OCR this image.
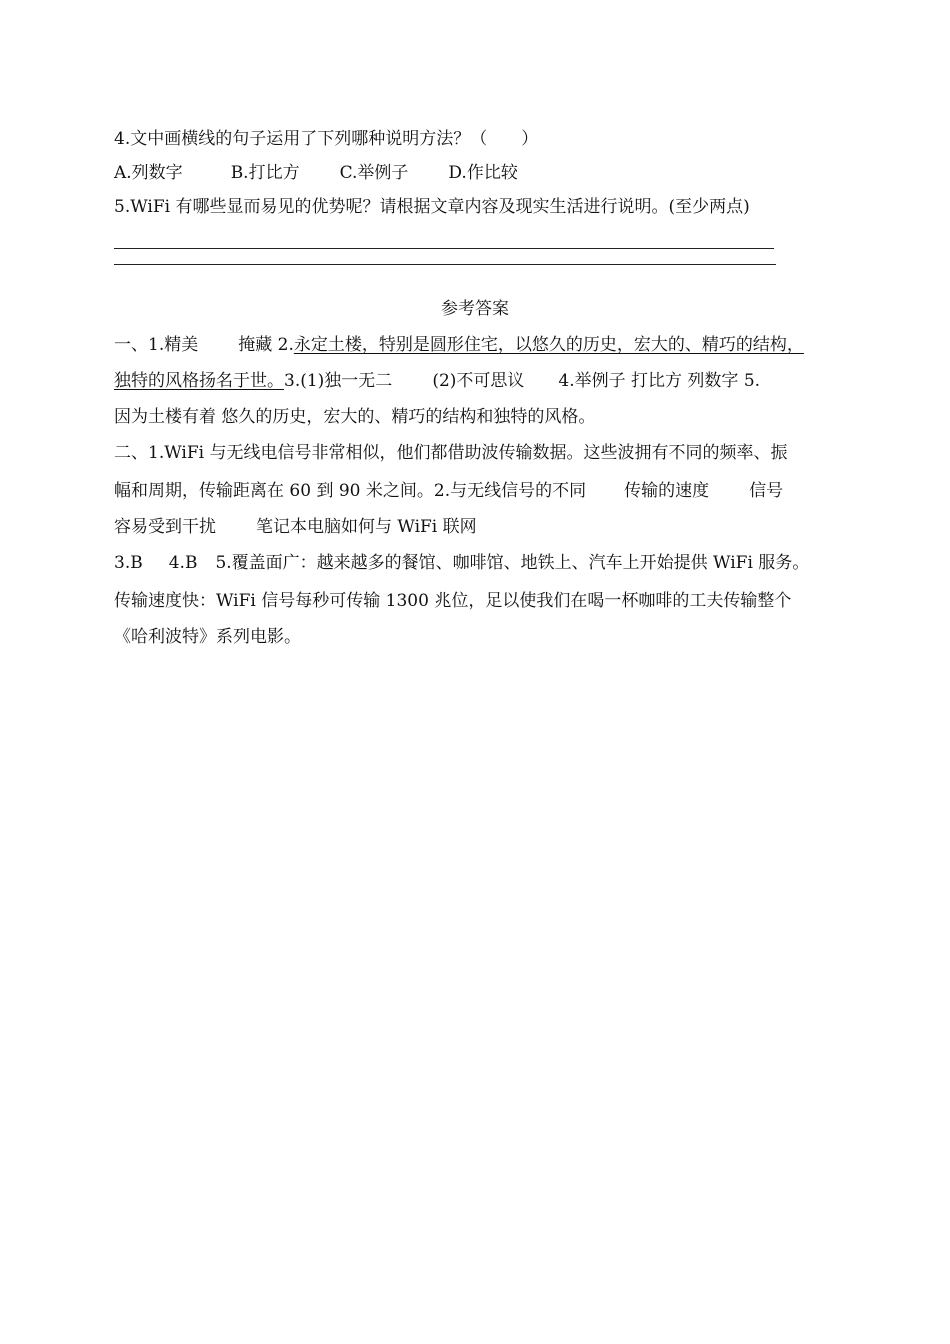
4.文中画横线的句子运用了下列哪种说明方法？（　　）
A.列数字	B.打比方 C.举例子 D.作比较
5.WiFi 有哪些显而易见的优势呢？请根据文章内容及现实生活进行说明。(至少两点)
参考答案
一、1.精美 掩藏 2.永定土楼，特别是圆形住宅，以悠久的历史，宏大的、精巧的结构，
独特的风格扬名于世。3.(1)独一无二 (2)不可思议 4.举例子 打比方 列数字 5.
因为土楼有着 悠久的历史，宏大的、精巧的结构和独特的风格。
二、1.WiFi 与无线电信号非常相似，他们都借助波传输数据。这些波拥有不同的频率、振
幅和周期，传输距离在 60 到 90 米之间。2.与无线信号的不同 传输的速度 信号
容易受到干扰 笔记本电脑如何与 WiFi 联网
3.B 4.B 5.覆盖面广：越来越多的餐馆、咖啡馆、地铁上、汽车上开始提供 WiFi 服务。
传输速度快：WiFi 信号每秒可传输 1300 兆位，足以使我们在喝一杯咖啡的工夫传输整个
《哈利波特》系列电影。
